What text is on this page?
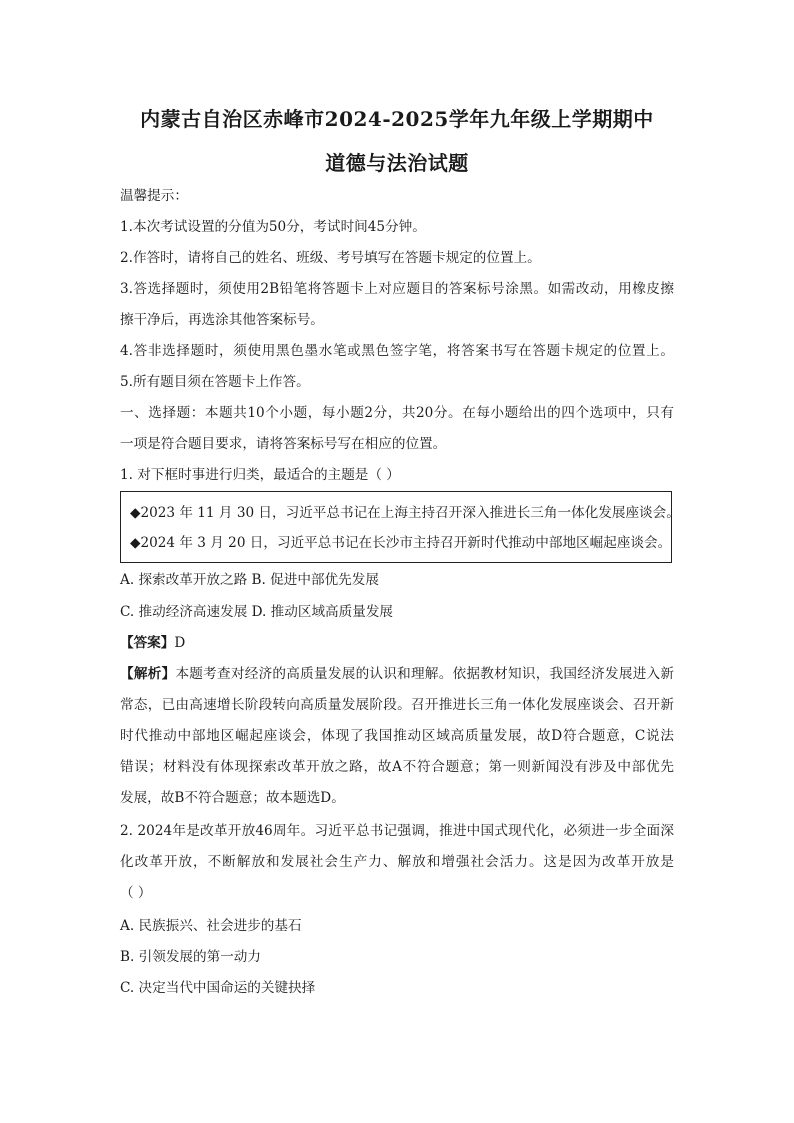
内蒙古自治区赤峰市2024-2025学年九年级上学期期中
道德与法治试题
温馨提示：
1.本次考试设置的分值为50分，考试时间45分钟。
2.作答时，请将自己的姓名、班级、考号填写在答题卡规定的位置上。
3.答选择题时，须使用2B铅笔将答题卡上对应题目的答案标号涂黑。如需改动，用橡皮擦
擦干净后，再选涂其他答案标号。
4.答非选择题时，须使用黑色墨水笔或黑色签字笔，将答案书写在答题卡规定的位置上。
5.所有题目须在答题卡上作答。
一、选择题：本题共10个小题，每小题2分，共20分。在每小题给出的四个选项中，只有
一项是符合题目要求，请将答案标号写在相应的位置。
1. 对下框时事进行归类，最适合的主题是（ ）
◆2023 年 11 月 30 日，习近平总书记在上海主持召开深入推进长三角一体化发展座谈会。
◆2024 年 3 月 20 日，习近平总书记在长沙市主持召开新时代推动中部地区崛起座谈会。
A. 探索改革开放之路 B. 促进中部优先发展
C. 推动经济高速发展 D. 推动区域高质量发展
【答案】D
【解析】本题考查对经济的高质量发展的认识和理解。依据教材知识，我国经济发展进入新
常态，已由高速增长阶段转向高质量发展阶段。召开推进长三角一体化发展座谈会、召开新
时代推动中部地区崛起座谈会，体现了我国推动区域高质量发展，故D符合题意，C说法
错误；材料没有体现探索改革开放之路，故A不符合题意；第一则新闻没有涉及中部优先
发展，故B不符合题意；故本题选D。
2. 2024年是改革开放46周年。习近平总书记强调，推进中国式现代化，必须进一步全面深
化改革开放，不断解放和发展社会生产力、解放和增强社会活力。这是因为改革开放是
（ ）
A. 民族振兴、社会进步的基石
B. 引领发展的第一动力
C. 决定当代中国命运的关键抉择
